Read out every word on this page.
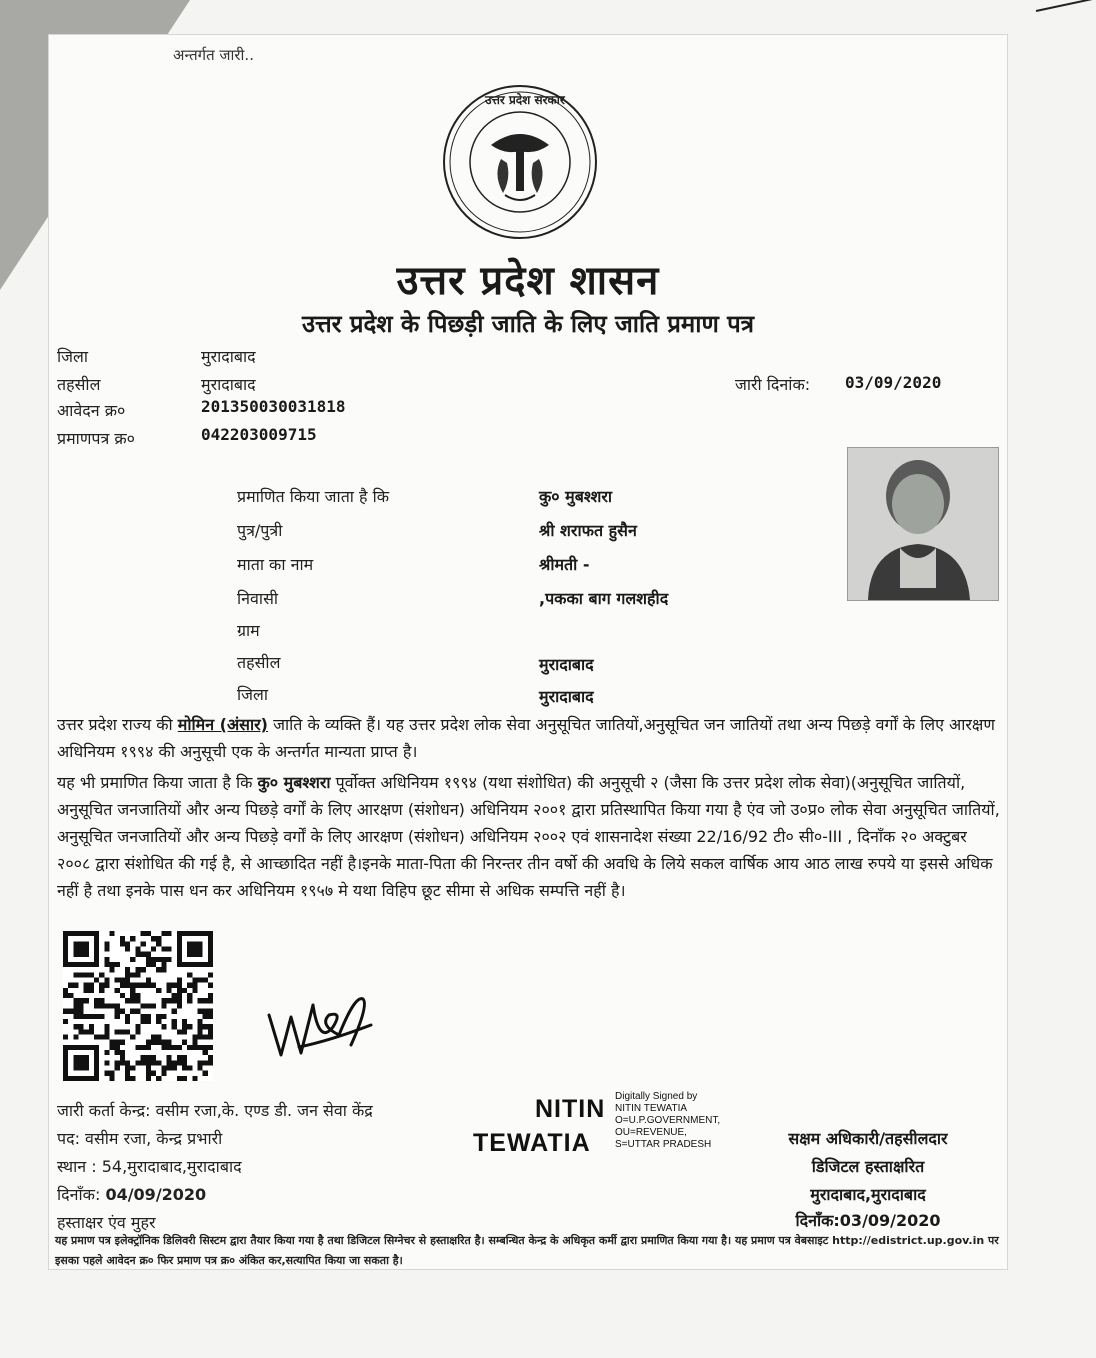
अन्तर्गत जारी..
उत्तर प्रदेश सरकार
उत्तर प्रदेश शासन
उत्तर प्रदेश के पिछड़ी जाति के लिए जाति प्रमाण पत्र
जिला	मुरादाबाद
तहसील	मुरादाबाद
आवेदन क्र०	20135003003181​8
प्रमाणपत्र क्र०	042203009715
जारी दिनांक: 03/09/2020
प्रमाणित किया जाता है कि	कु० मुबश्शरा
पुत्र/पुत्री	श्री शराफत हुसैन
माता का नाम	श्रीमती -
निवासी	,पकका बाग गलशहीद
ग्राम
तहसील	मुरादाबाद
जिला	मुरादाबाद
उत्तर प्रदेश राज्य की मोमिन (अंसार) जाति के व्यक्ति हैं। यह उत्तर प्रदेश लोक सेवा अनुसूचित जातियों,अनुसूचित जन जातियों तथा अन्य पिछड़े वर्गों के लिए आरक्षण अधिनियम १९९४ की अनुसूची एक के अन्तर्गत मान्यता प्राप्त है।
यह भी प्रमाणित किया जाता है कि कु० मुबश्शरा पूर्वोक्त अधिनियम १९९४ (यथा संशोधित) की अनुसूची २ (जैसा कि उत्तर प्रदेश लोक सेवा)(अनुसूचित जातियों, अनुसूचित जनजातियों और अन्य पिछड़े वर्गों के लिए आरक्षण (संशोधन) अधिनियम २००१ द्वारा प्रतिस्थापित किया गया है एंव जो उ०प्र० लोक सेवा अनुसूचित जातियों, अनुसूचित जनजातियों और अन्य पिछड़े वर्गों के लिए आरक्षण (संशोधन) अधिनियम २००२ एवं शासनादेश संख्या 22/16/92 टी० सी०-III , दिनाँक २० अक्टुबर २००८ द्वारा संशोधित की गई है, से आच्छादित नहीं है।इनके माता-पिता की निरन्तर तीन वर्षो की अवधि के लिये सकल वार्षिक आय आठ लाख रुपये या इससे अधिक नहीं है तथा इनके पास धन कर अधिनियम १९५७ मे यथा विहिप छूट सीमा से अधिक सम्पत्ति नहीं है।
जारी कर्ता केन्द्र: वसीम रजा,के. एण्ड डी. जन सेवा केंद्र
पद: वसीम रजा, केन्द्र प्रभारी
स्थान : 54,मुरादाबाद,मुरादाबाद
दिनाँक: 04/09/2020
हस्ताक्षर एंव मुहर
NITIN
TEWATIA
Digitally Signed by
NITIN TEWATIA
O=U.P.GOVERNMENT,
OU=REVENUE,
S=UTTAR PRADESH	सक्षम अधिकारी/तहसीलदार
डिजिटल हस्ताक्षरित
मुरादाबाद,मुरादाबाद
दिनाँक:03/09/2020
यह प्रमाण पत्र इलेक्ट्रॉनिक डिलिवरी सिस्टम द्वारा तैयार किया गया है तथा डिजिटल सिग्नेचर से हस्ताक्षरित है। सम्बन्धित केन्द्र के अधिकृत कर्मी द्वारा प्रमाणित किया गया है। यह प्रमाण पत्र वेबसाइट http://edistrict.up.gov.in पर इसका पहले आवेदन क्र० फिर प्रमाण पत्र क्र० अंकित कर,सत्यापित किया जा सकता है।
